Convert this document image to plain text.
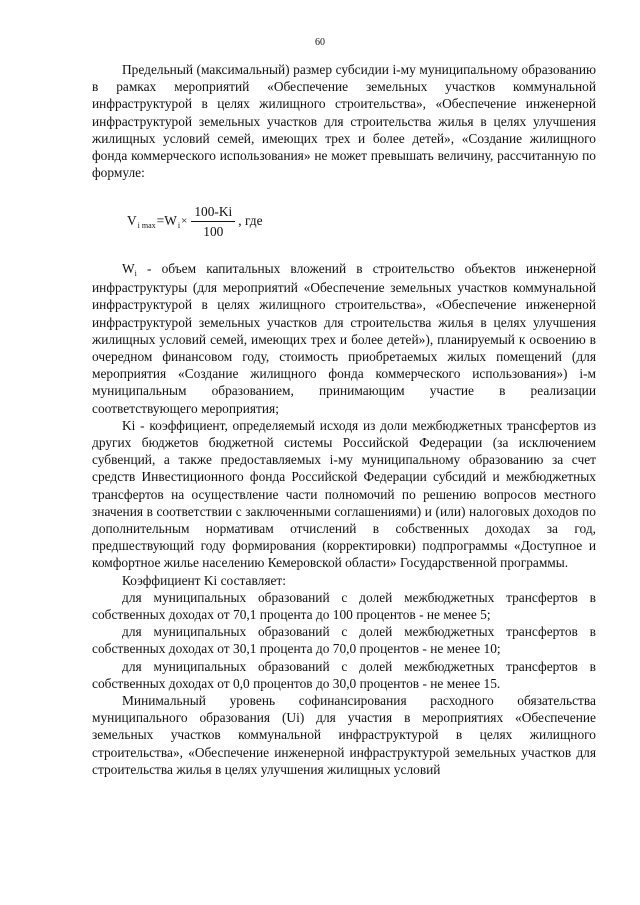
60

Предельный (максимальный) размер субсидии i-му муниципальному образованию в рамках мероприятий «Обеспечение земельных участков коммунальной инфраструктурой в целях жилищного строительства», «Обеспечение инженерной инфраструктурой земельных участков для строительства жилья в целях улучшения жилищных условий семей, имеющих трех и более детей», «Создание жилищного фонда коммерческого использования» не может превышать величину, рассчитанную по формуле:

V i max = W $i \times \frac{100-Ki}{100}$ , где

$W_i$ - объем капитальных вложений в строительство объектов инженерной инфраструктуры (для мероприятий «Обеспечение земельных участков коммунальной инфраструктурой в целях жилищного строительства», «Обеспечение инженерной инфраструктурой земельных участков для строительства жилья в целях улучшения жилищных условий семей, имеющих трех и более детей»), планируемый к освоению в очередном финансовом году, стоимость приобретаемых жилых помещений (для мероприятия «Создание жилищного фонда коммерческого использования») i-м муниципальным образованием, принимающим участие в реализации соответствующего мероприятия;

Ki - коэффициент, определяемый исходя из доли межбюджетных трансфертов из других бюджетов бюджетной системы Российской Федерации (за исключением субвенций, а также предоставляемых i-му муниципальному образованию за счет средств Инвестиционного фонда Российской Федерации субсидий и межбюджетных трансфертов на осуществление части полномочий по решению вопросов местного значения в соответствии с заключенными соглашениями) и (или) налоговых доходов по дополнительным нормативам отчислений в собственных доходах за год, предшествующий году формирования (корректировки) подпрограммы «Доступное и комфортное жилье населению Кемеровской области» Государственной программы.

Коэффициент Ki составляет:

для муниципальных образований с долей межбюджетных трансфертов в собственных доходах от 70,1 процента до 100 процентов - не менее 5;

для муниципальных образований с долей межбюджетных трансфертов в собственных доходах от 30,1 процента до 70,0 процентов - не менее 10;

для муниципальных образований с долей межбюджетных трансфертов в собственных доходах от 0,0 процентов до 30,0 процентов - не менее 15.

Минимальный уровень софинансирования расходного обязательства муниципального образования (Ui) для участия в мероприятиях «Обеспечение земельных участков коммунальной инфраструктурой в целях жилищного строительства», «Обеспечение инженерной инфраструктурой земельных участков для строительства жилья в целях улучшения жилищных условий
